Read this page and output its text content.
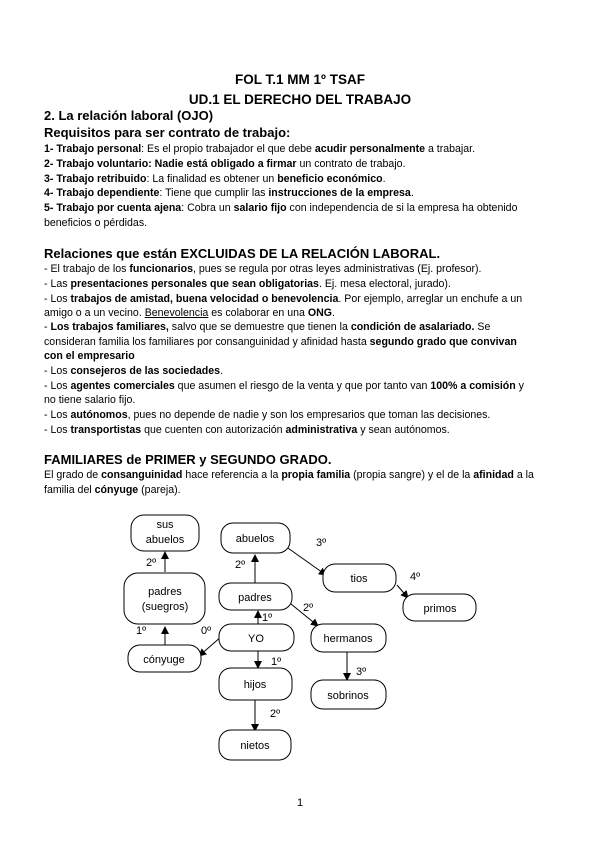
FOL T.1 MM 1º TSAF
UD.1 EL DERECHO DEL TRABAJO
2. La relación laboral (OJO)
Requisitos para ser contrato de trabajo:
1- Trabajo personal: Es el propio trabajador el que debe acudir personalmente a trabajar.
2- Trabajo voluntario: Nadie está obligado a firmar un contrato de trabajo.
3- Trabajo retribuido: La finalidad es obtener un beneficio económico.
4- Trabajo dependiente: Tiene que cumplir las instrucciones de la empresa.
5- Trabajo por cuenta ajena: Cobra un salario fijo con independencia de si la empresa ha obtenido
beneficios o pérdidas.
Relaciones que están EXCLUIDAS DE LA RELACIÓN LABORAL.
- El trabajo de los funcionarios, pues se regula por otras leyes administrativas (Ej. profesor).
- Las presentaciones personales que sean obligatorias. Ej. mesa electoral, jurado).
- Los trabajos de amistad, buena velocidad o benevolencia. Por ejemplo, arreglar un enchufe a un
amigo o a un vecino. Benevolencia es colaborar en una ONG.
- Los trabajos familiares, salvo que se demuestre que tienen la condición de asalariado. Se
consideran familia los familiares por consanguinidad y afinidad hasta segundo grado que convivan
con el empresario
- Los consejeros de las sociedades.
- Los agentes comerciales que asumen el riesgo de la venta y que por tanto van 100% a comisión y
no tiene salario fijo.
- Los autónomos, pues no depende de nadie y son los empresarios que toman las decisiones.
- Los transportistas que cuenten con autorización administrativa y sean autónomos.
FAMILIARES de PRIMER y SEGUNDO GRADO.
El grado de consanguinidad hace referencia a la propia familia (propia sangre) y el de la afinidad a la
familia del cónyuge (pareja).
sus
abuelos
padres
(suegros)
cónyuge
abuelos
padres
YO
hijos
nietos
tios
primos
hermanos
sobrinos
2º
1º	0º
2º
1º
1º
2º
3º
4º
2º
3º
1
